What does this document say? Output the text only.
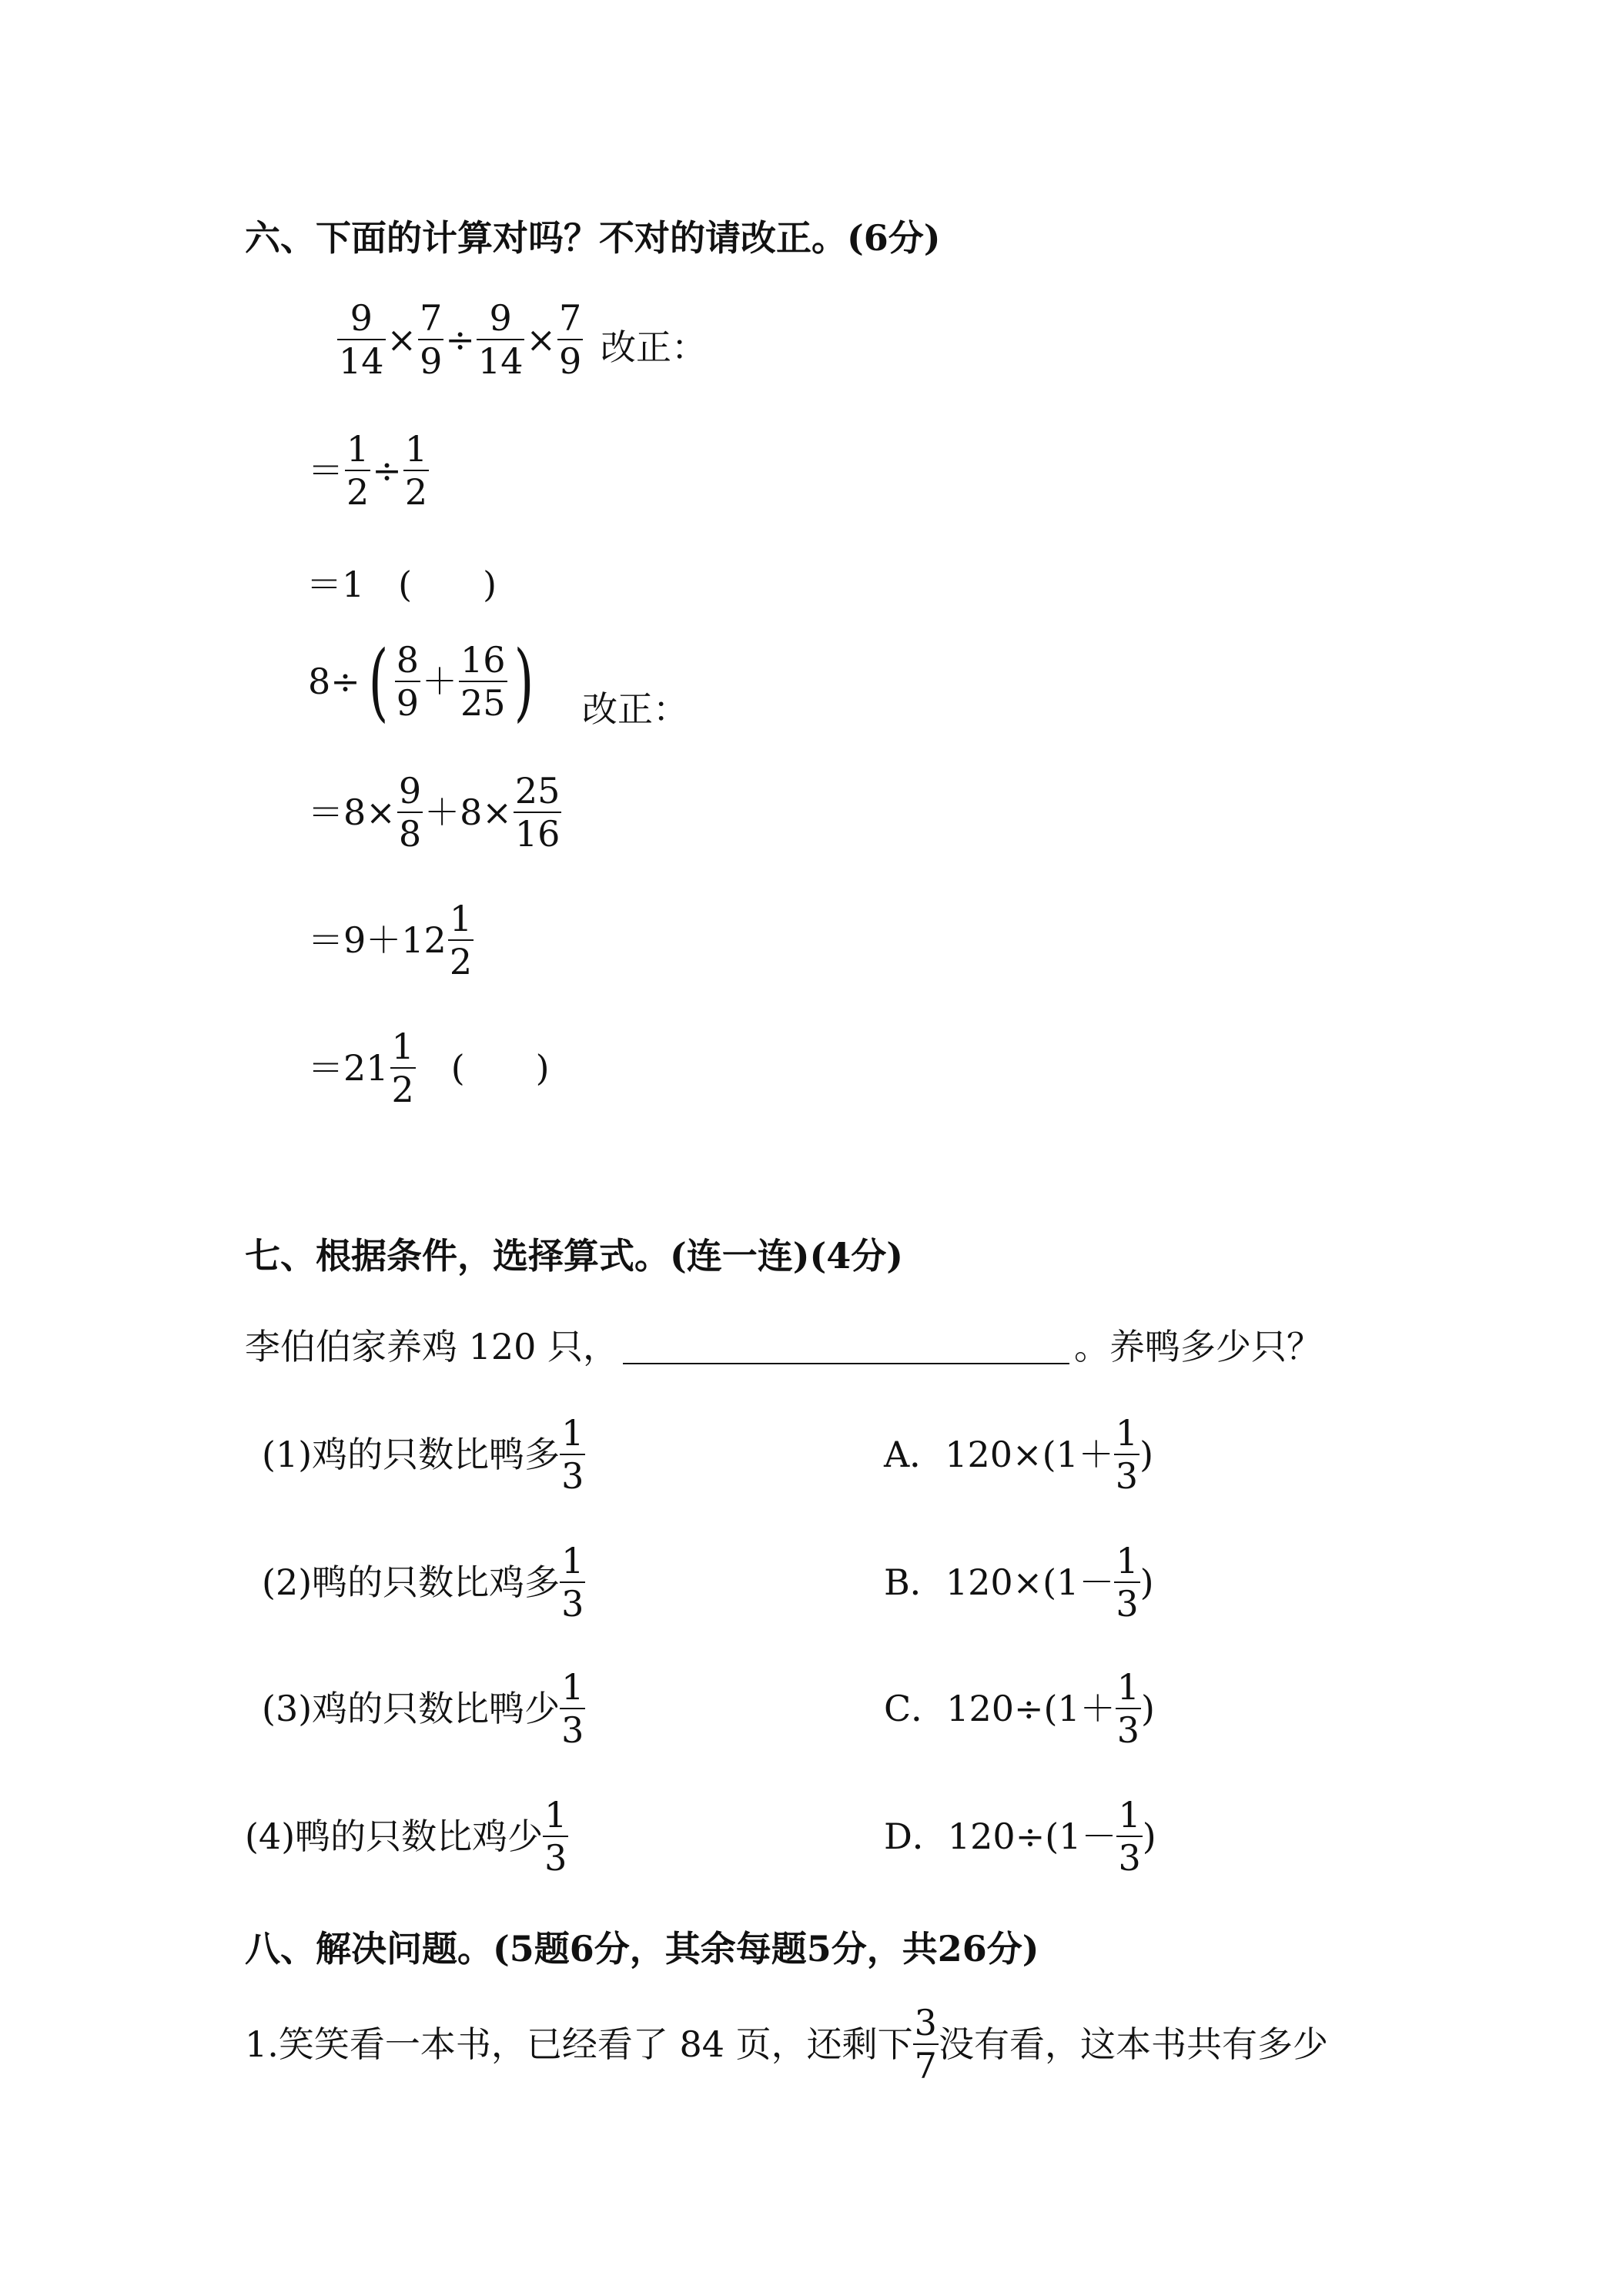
六、下面的计算对吗？不对的请改正。(6分)
$\frac{9}{14} \times \frac{7}{9} \div \frac{9}{14} \times \frac{7}{9}$ 改正：
＝ $\frac{1}{2} \div \frac{1}{2}$
＝1 (　　)
$8\div( \frac{8}{9} + \frac{16}{25}$ ) 改正：
$=8\times \frac{9}{8} +8\times \frac{25}{16}$
$=9+12 \frac{1}{2}$
$=21 \frac{1}{2}$ (　　)
七、根据条件，选择算式。(连一连)(4分)
李伯伯家养鸡 120 只，	。养鸭多少只？
(1)鸡的只数比鸭多 $\frac{1}{3}$
(2)鸭的只数比鸡多 $\frac{1}{3}$
(3)鸡的只数比鸭少 $\frac{1}{3}$
(4)鸭的只数比鸡少 $\frac{1}{3}$
A．$120\times(1+ \frac{1}{3}$ )
B．$120\times(1- \frac{1}{3}$ )
C．$120\div(1+ \frac{1}{3}$ )
D．$120\div(1- \frac{1}{3}$ )
八、解决问题。(5题6分，其余每题5分，共26分)
1.笑笑看一本书，已经看了 84 页，还剩下 $\frac{3}{7}$ 没有看，这本书共有多少
